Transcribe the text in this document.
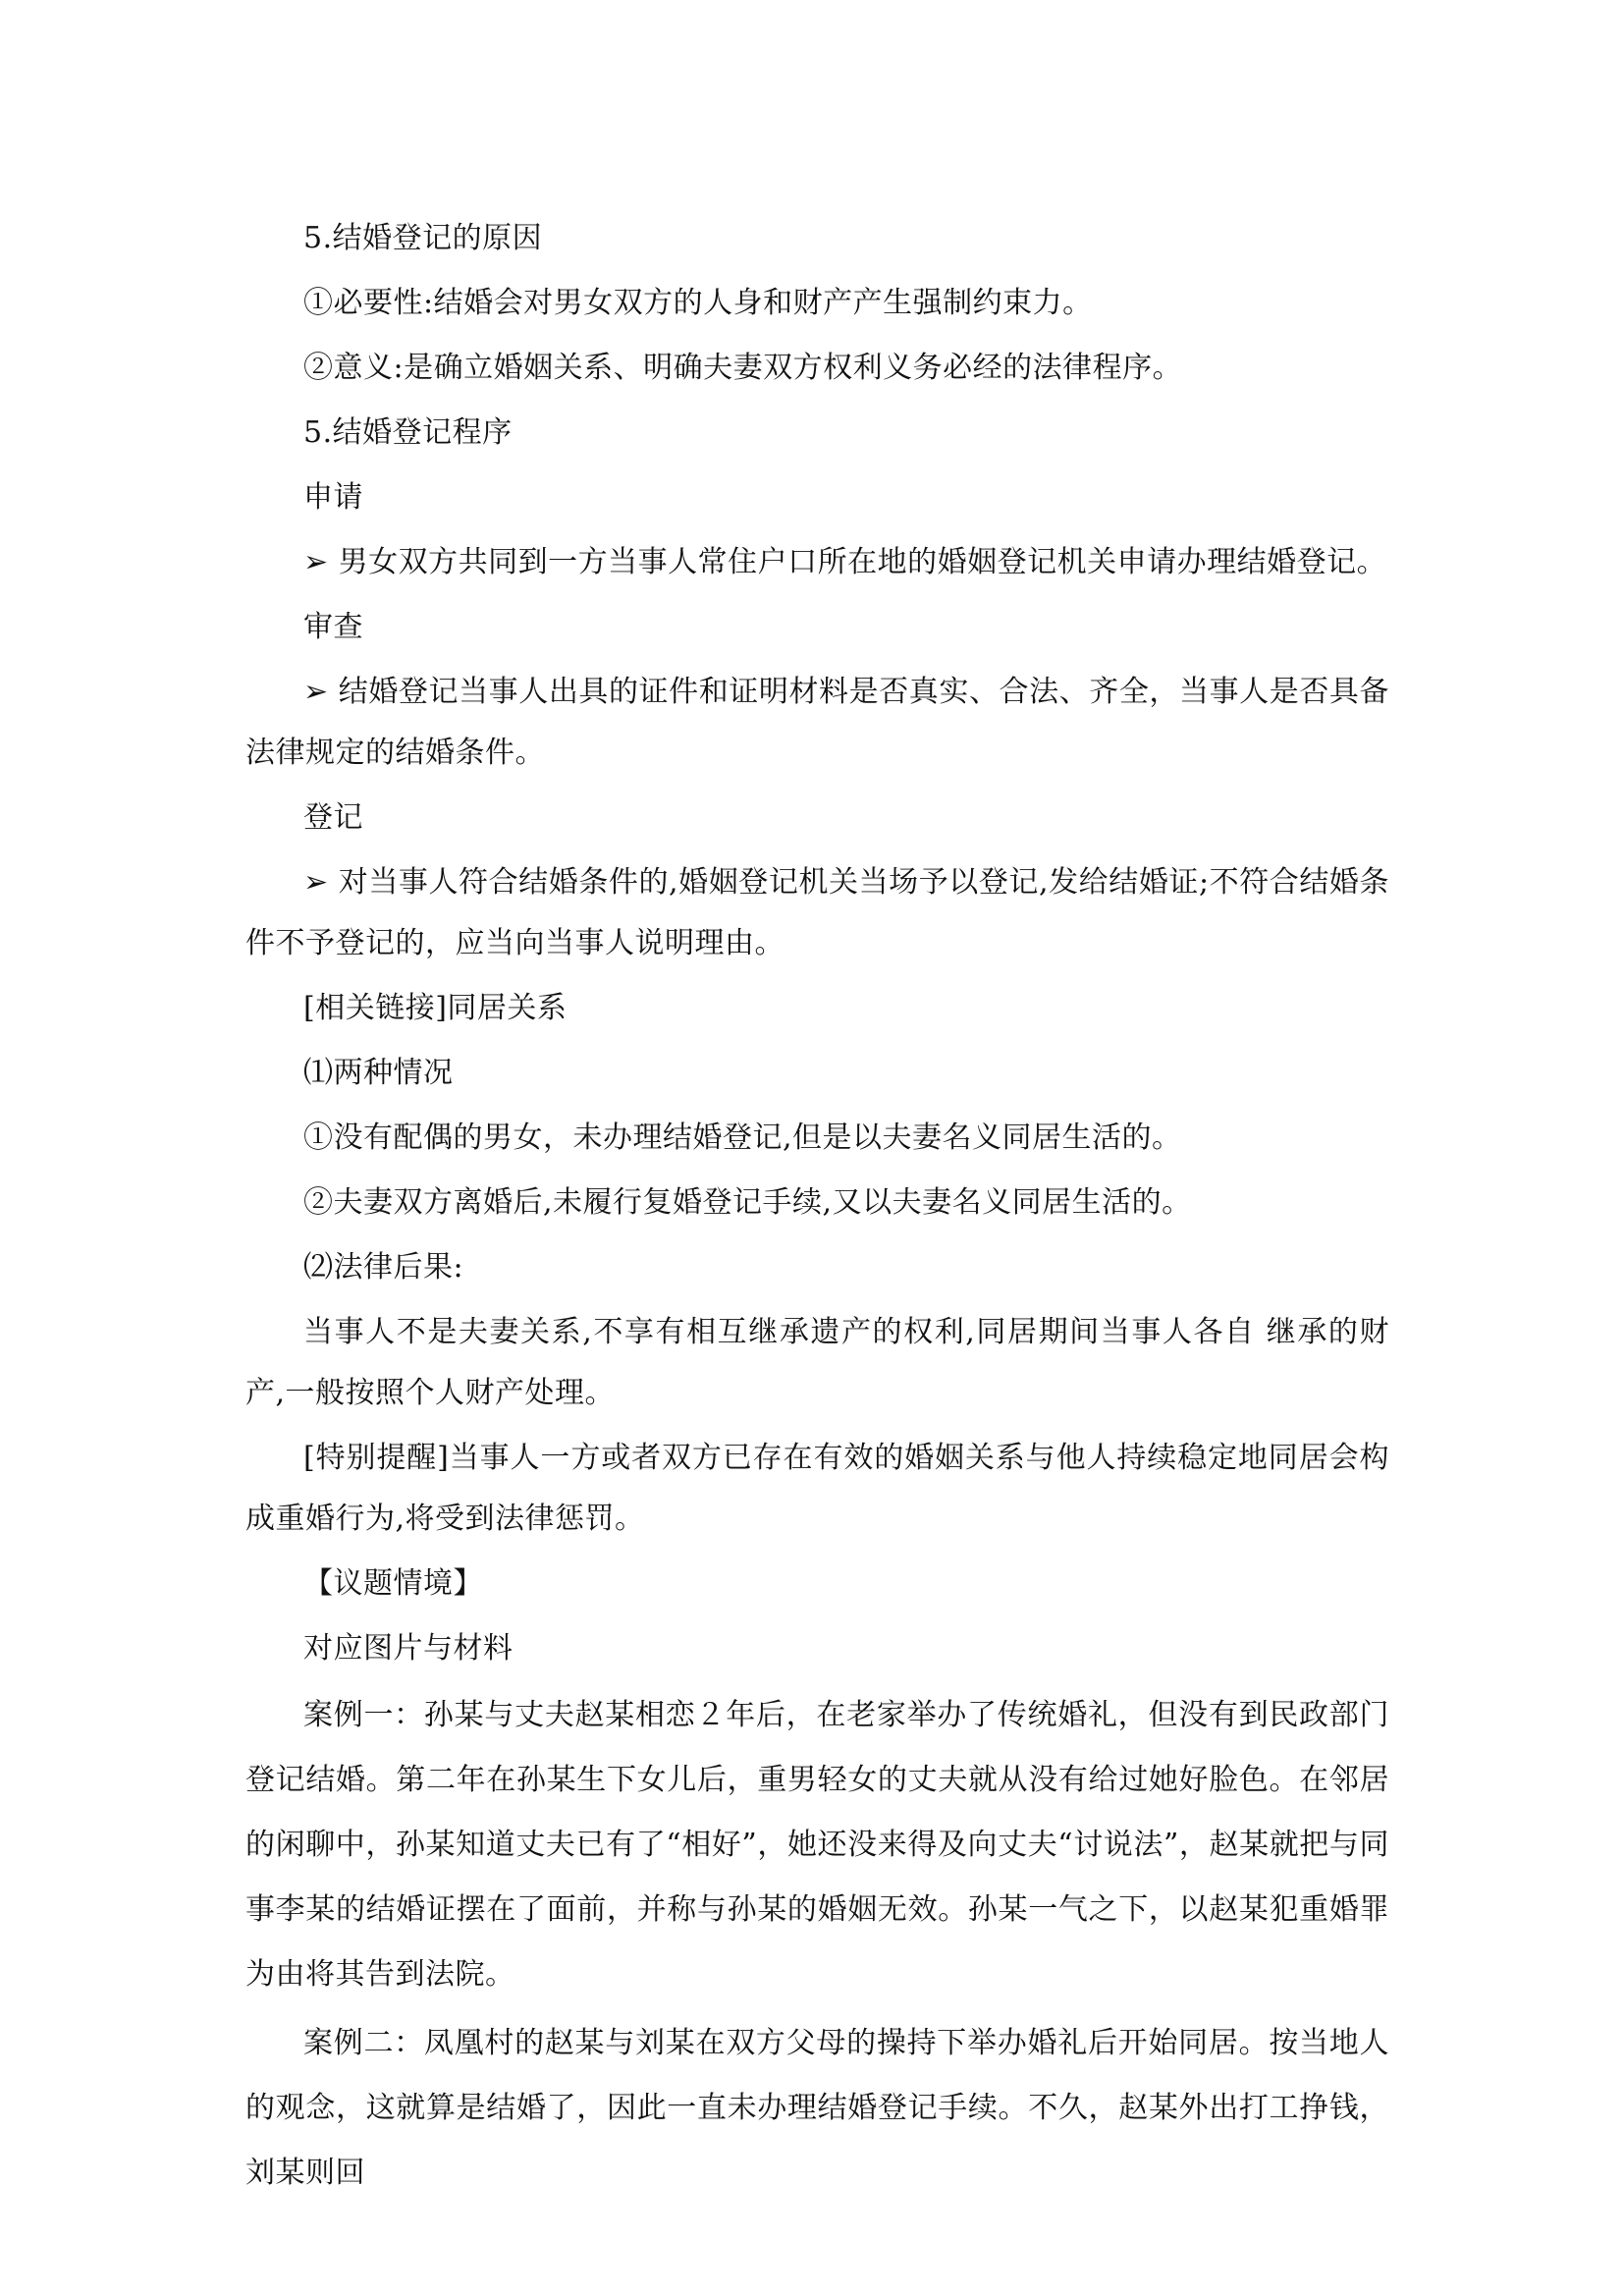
5.结婚登记的原因

①必要性:结婚会对男女双方的人身和财产产生强制约束力。

②意义:是确立婚姻关系、明确夫妻双方权利义务必经的法律程序。

5.结婚登记程序

申请

➢ 男女双方共同到一方当事人常住户口所在地的婚姻登记机关申请办理结婚登记。

审查

➢ 结婚登记当事人出具的证件和证明材料是否真实、合法、齐全，当事人是否具备法律规定的结婚条件。

登记

➢ 对当事人符合结婚条件的,婚姻登记机关当场予以登记,发给结婚证;不符合结婚条件不予登记的，应当向当事人说明理由。

[相关链接]同居关系

⑴两种情况

①没有配偶的男女，未办理结婚登记,但是以夫妻名义同居生活的。

②夫妻双方离婚后,未履行复婚登记手续,又以夫妻名义同居生活的。

⑵法律后果:

当事人不是夫妻关系,不享有相互继承遗产的权利,同居期间当事人各自 继承的财产,一般按照个人财产处理。

[特别提醒]当事人一方或者双方已存在有效的婚姻关系与他人持续稳定地同居会构成重婚行为,将受到法律惩罚。

【议题情境】

对应图片与材料

案例一：孙某与丈夫赵某相恋２年后，在老家举办了传统婚礼，但没有到民政部门登记结婚。第二年在孙某生下女儿后，重男轻女的丈夫就从没有给过她好脸色。在邻居的闲聊中，孙某知道丈夫已有了“相好”，她还没来得及向丈夫“讨说法”，赵某就把与同事李某的结婚证摆在了面前，并称与孙某的婚姻无效。孙某一气之下，以赵某犯重婚罪为由将其告到法院。

案例二：凤凰村的赵某与刘某在双方父母的操持下举办婚礼后开始同居。按当地人的观念，这就算是结婚了，因此一直未办理结婚登记手续。不久，赵某外出打工挣钱，刘某则回
